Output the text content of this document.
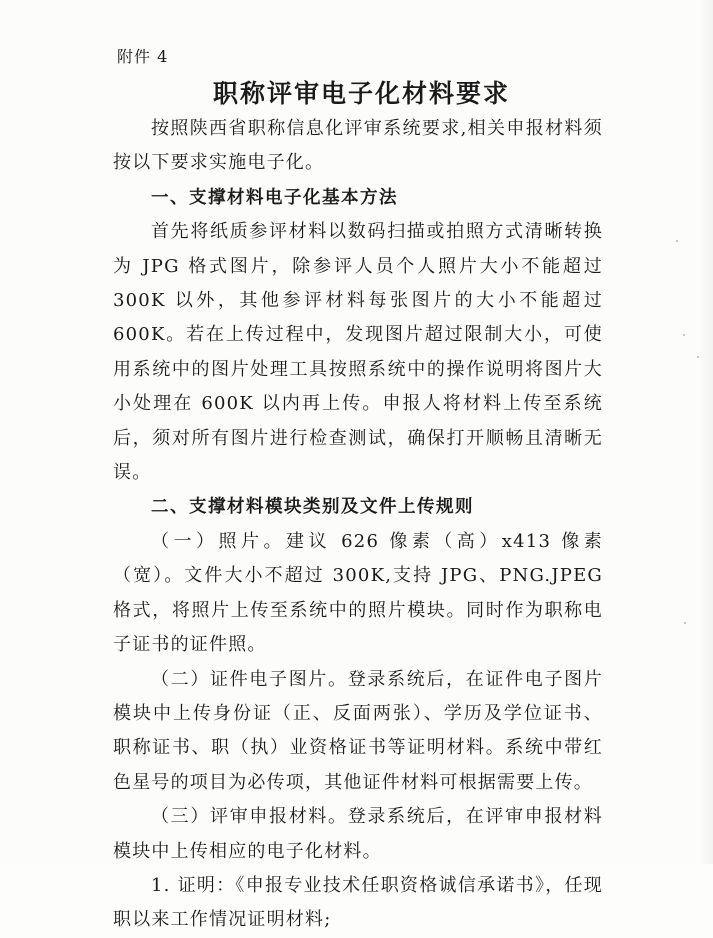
附件 4
职称评审电子化材料要求

按照陕西省职称信息化评审系统要求,相关申报材料须按以下要求实施电子化。

一、支撑材料电子化基本方法

首先将纸质参评材料以数码扫描或拍照方式清晰转换为 JPG 格式图片，除参评人员个人照片大小不能超过 300K 以外，其他参评材料每张图片的大小不能超过 600K。若在上传过程中，发现图片超过限制大小，可使用系统中的图片处理工具按照系统中的操作说明将图片大小处理在 600K 以内再上传。申报人将材料上传至系统后，须对所有图片进行检查测试，确保打开顺畅且清晰无误。

二、支撑材料模块类别及文件上传规则

（一）照片。建议 626 像素（高）x413 像素（宽）。文件大小不超过 300K,支持 JPG、PNG.JPEG 格式，将照片上传至系统中的照片模块。同时作为职称电子证书的证件照。

（二）证件电子图片。登录系统后，在证件电子图片模块中上传身份证（正、反面两张）、学历及学位证书、职称证书、职（执）业资格证书等证明材料。系统中带红色星号的项目为必传项，其他证件材料可根据需要上传。

（三）评审申报材料。登录系统后，在评审申报材料模块中上传相应的电子化材料。

1. 证明：《申报专业技术任职资格诚信承诺书》，任现职以来工作情况证明材料;
